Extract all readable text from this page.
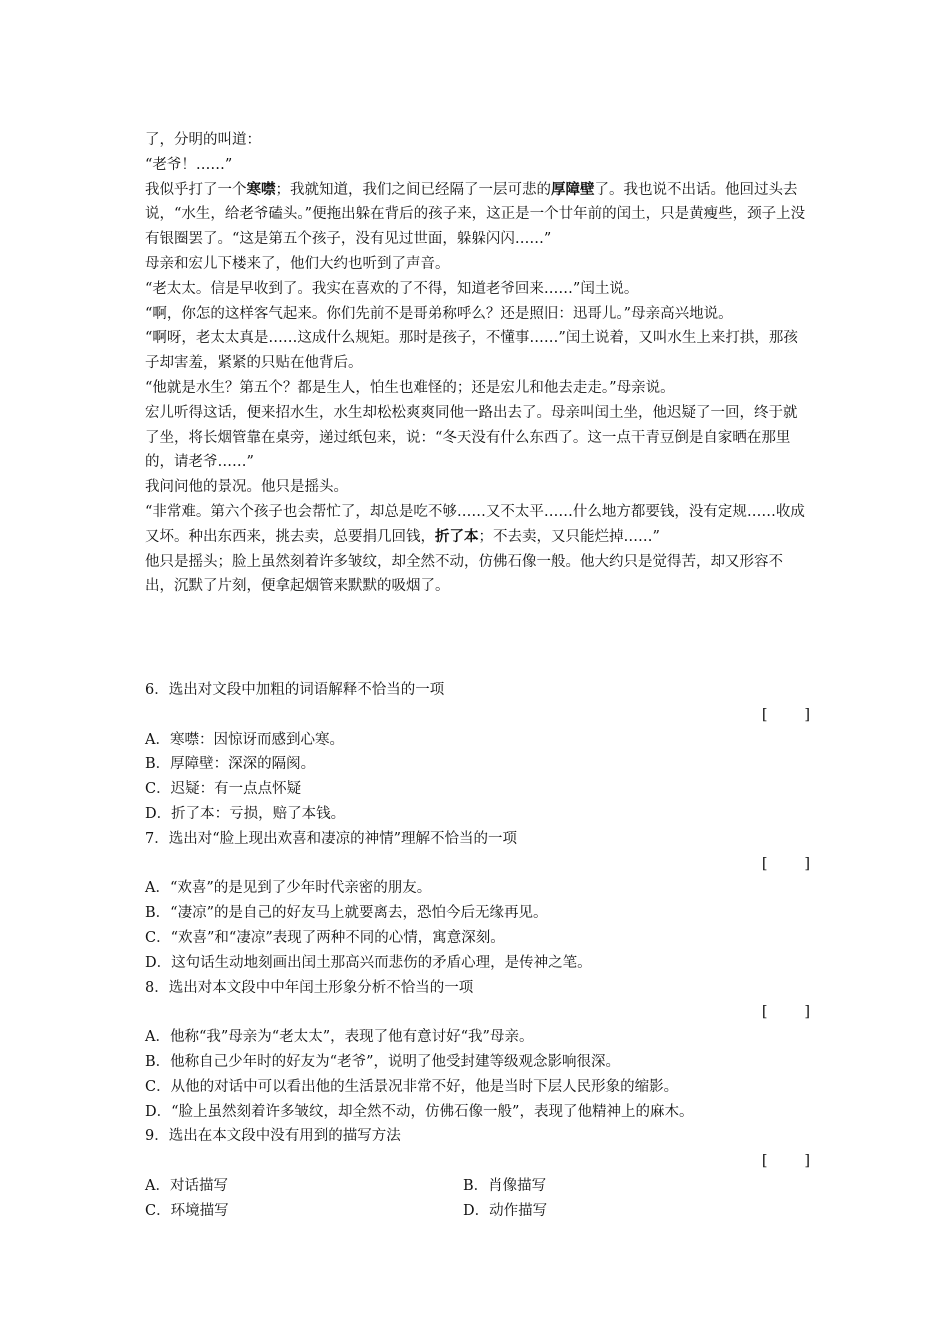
了，分明的叫道：

“老爷！……”

我似乎打了一个寒噤；我就知道，我们之间已经隔了一层可悲的厚障壁了。我也说不出话。他回过头去说，“水生，给老爷磕头。”便拖出躲在背后的孩子来，这正是一个廿年前的闰土，只是黄瘦些，颈子上没有银圈罢了。“这是第五个孩子，没有见过世面，躲躲闪闪……”

母亲和宏儿下楼来了，他们大约也听到了声音。

“老太太。信是早收到了。我实在喜欢的了不得，知道老爷回来……”闰土说。

“啊，你怎的这样客气起来。你们先前不是哥弟称呼么？还是照旧：迅哥儿。”母亲高兴地说。

“啊呀，老太太真是……这成什么规矩。那时是孩子，不懂事……”闰土说着，又叫水生上来打拱，那孩子却害羞，紧紧的只贴在他背后。

“他就是水生？第五个？都是生人，怕生也难怪的；还是宏儿和他去走走。”母亲说。

宏儿听得这话，便来招水生，水生却松松爽爽同他一路出去了。母亲叫闰土坐，他迟疑了一回，终于就了坐，将长烟管靠在桌旁，递过纸包来，说：“冬天没有什么东西了。这一点干青豆倒是自家晒在那里的，请老爷……”

我问问他的景况。他只是摇头。

“非常难。第六个孩子也会帮忙了，却总是吃不够……又不太平……什么地方都要钱，没有定规……收成又坏。种出东西来，挑去卖，总要捐几回钱，折了本；不去卖，又只能烂掉……”

他只是摇头；脸上虽然刻着许多皱纹，却全然不动，仿佛石像一般。他大约只是觉得苦，却又形容不出，沉默了片刻，便拿起烟管来默默的吸烟了。

6．选出对文段中加粗的词语解释不恰当的一项

[        ]

A．寒噤：因惊讶而感到心寒。

B．厚障壁：深深的隔阂。

C．迟疑：有一点点怀疑

D．折了本：亏损，赔了本钱。

7．选出对“脸上现出欢喜和凄凉的神情”理解不恰当的一项

[        ]

A．“欢喜”的是见到了少年时代亲密的朋友。

B．“凄凉”的是自己的好友马上就要离去，恐怕今后无缘再见。

C．“欢喜”和“凄凉”表现了两种不同的心情，寓意深刻。

D．这句话生动地刻画出闰土那高兴而悲伤的矛盾心理，是传神之笔。

8．选出对本文段中中年闰土形象分析不恰当的一项

[        ]

A．他称“我”母亲为“老太太”，表现了他有意讨好“我”母亲。

B．他称自己少年时的好友为“老爷”，说明了他受封建等级观念影响很深。

C．从他的对话中可以看出他的生活景况非常不好，他是当时下层人民形象的缩影。

D．“脸上虽然刻着许多皱纹，却全然不动，仿佛石像一般”，表现了他精神上的麻木。

9．选出在本文段中没有用到的描写方法

[        ]

A．对话描写	B．肖像描写
C．环境描写	D．动作描写
